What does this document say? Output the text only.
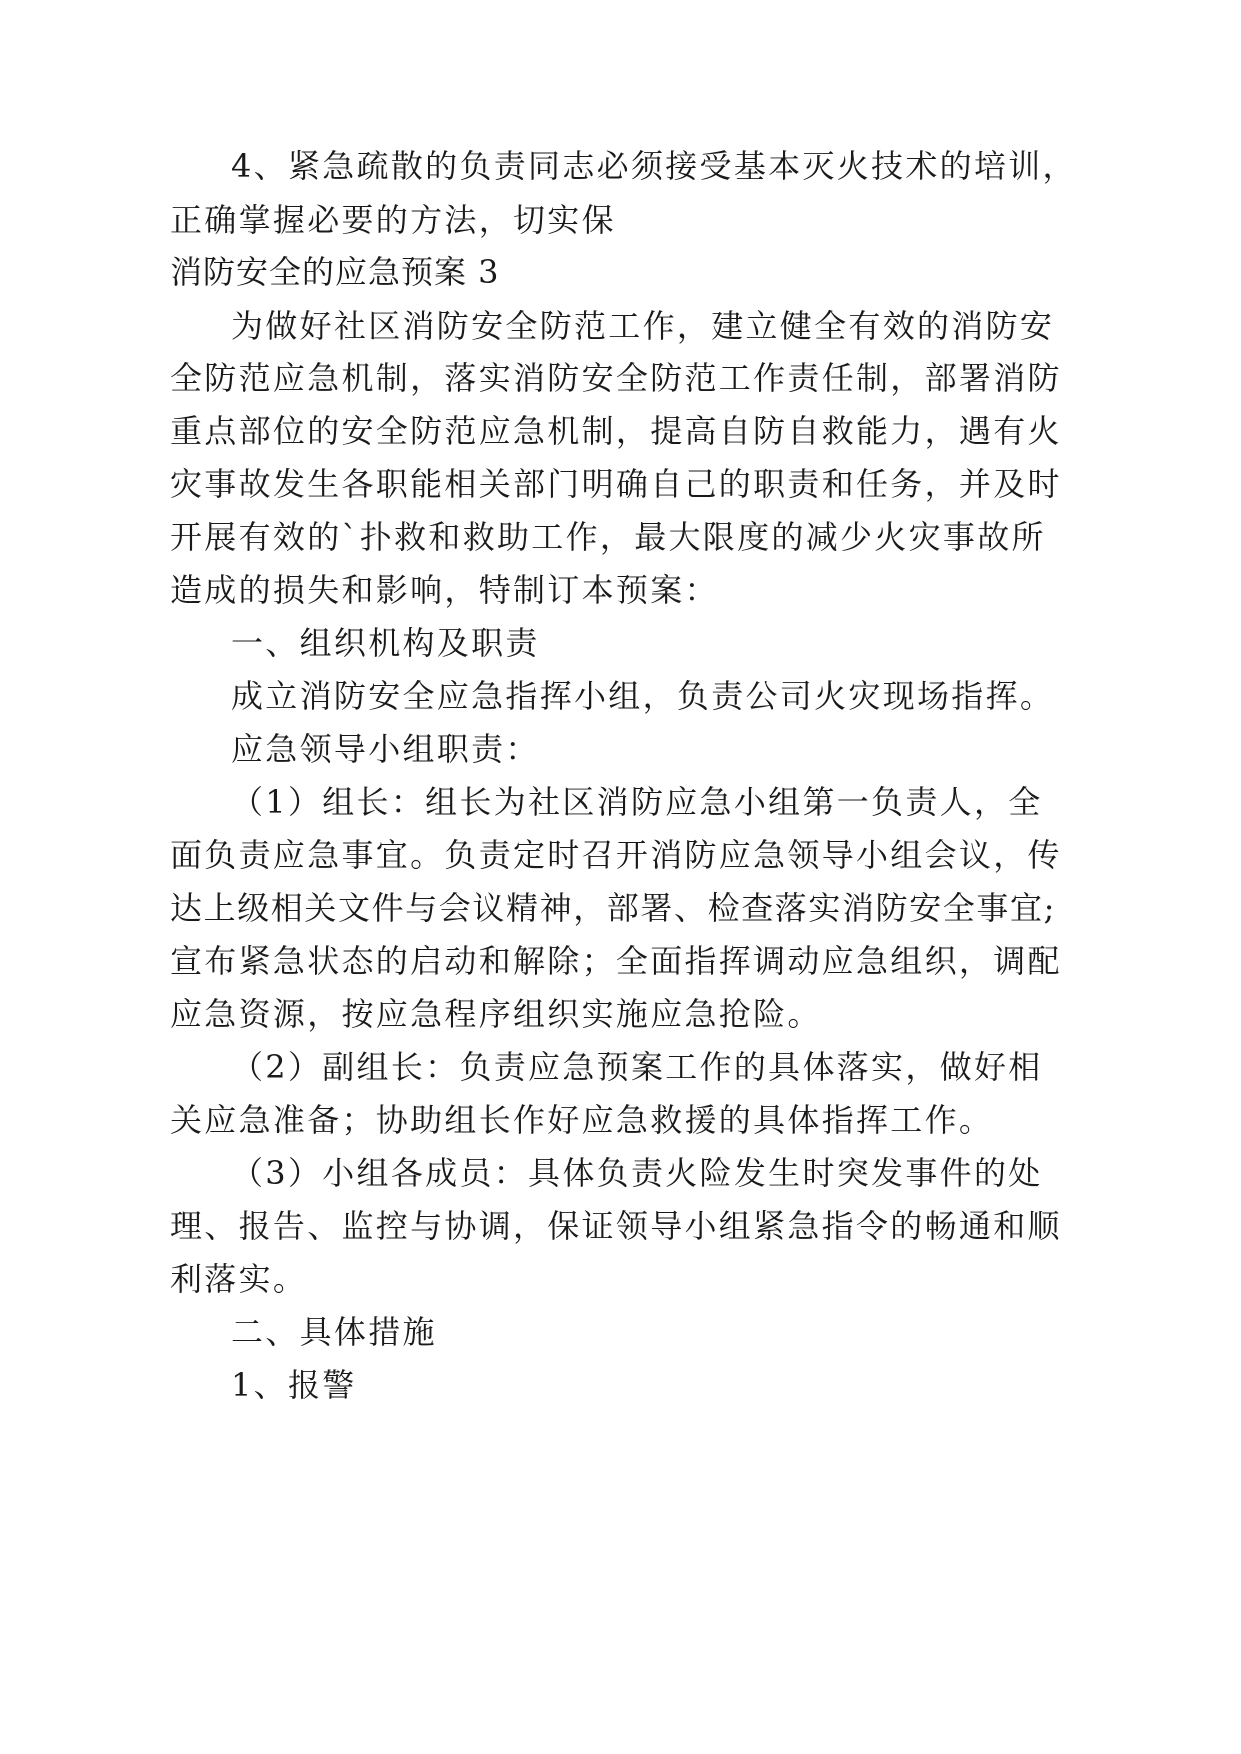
4、紧急疏散的负责同志必须接受基本灭火技术的培训，
正确掌握必要的方法，切实保
消防安全的应急预案 3
为做好社区消防安全防范工作，建立健全有效的消防安
全防范应急机制，落实消防安全防范工作责任制，部署消防
重点部位的安全防范应急机制，提高自防自救能力，遇有火
灾事故发生各职能相关部门明确自己的职责和任务，并及时
开展有效的`扑救和救助工作，最大限度的减少火灾事故所
造成的损失和影响，特制订本预案：
一、组织机构及职责
成立消防安全应急指挥小组，负责公司火灾现场指挥。
应急领导小组职责：
（1）组长：组长为社区消防应急小组第一负责人，全
面负责应急事宜。负责定时召开消防应急领导小组会议，传
达上级相关文件与会议精神，部署、检查落实消防安全事宜;
宣布紧急状态的启动和解除；全面指挥调动应急组织，调配
应急资源，按应急程序组织实施应急抢险。
（2）副组长：负责应急预案工作的具体落实，做好相
关应急准备；协助组长作好应急救援的具体指挥工作。
（3）小组各成员：具体负责火险发生时突发事件的处
理、报告、监控与协调，保证领导小组紧急指令的畅通和顺
利落实。
二、具体措施
1、报警
